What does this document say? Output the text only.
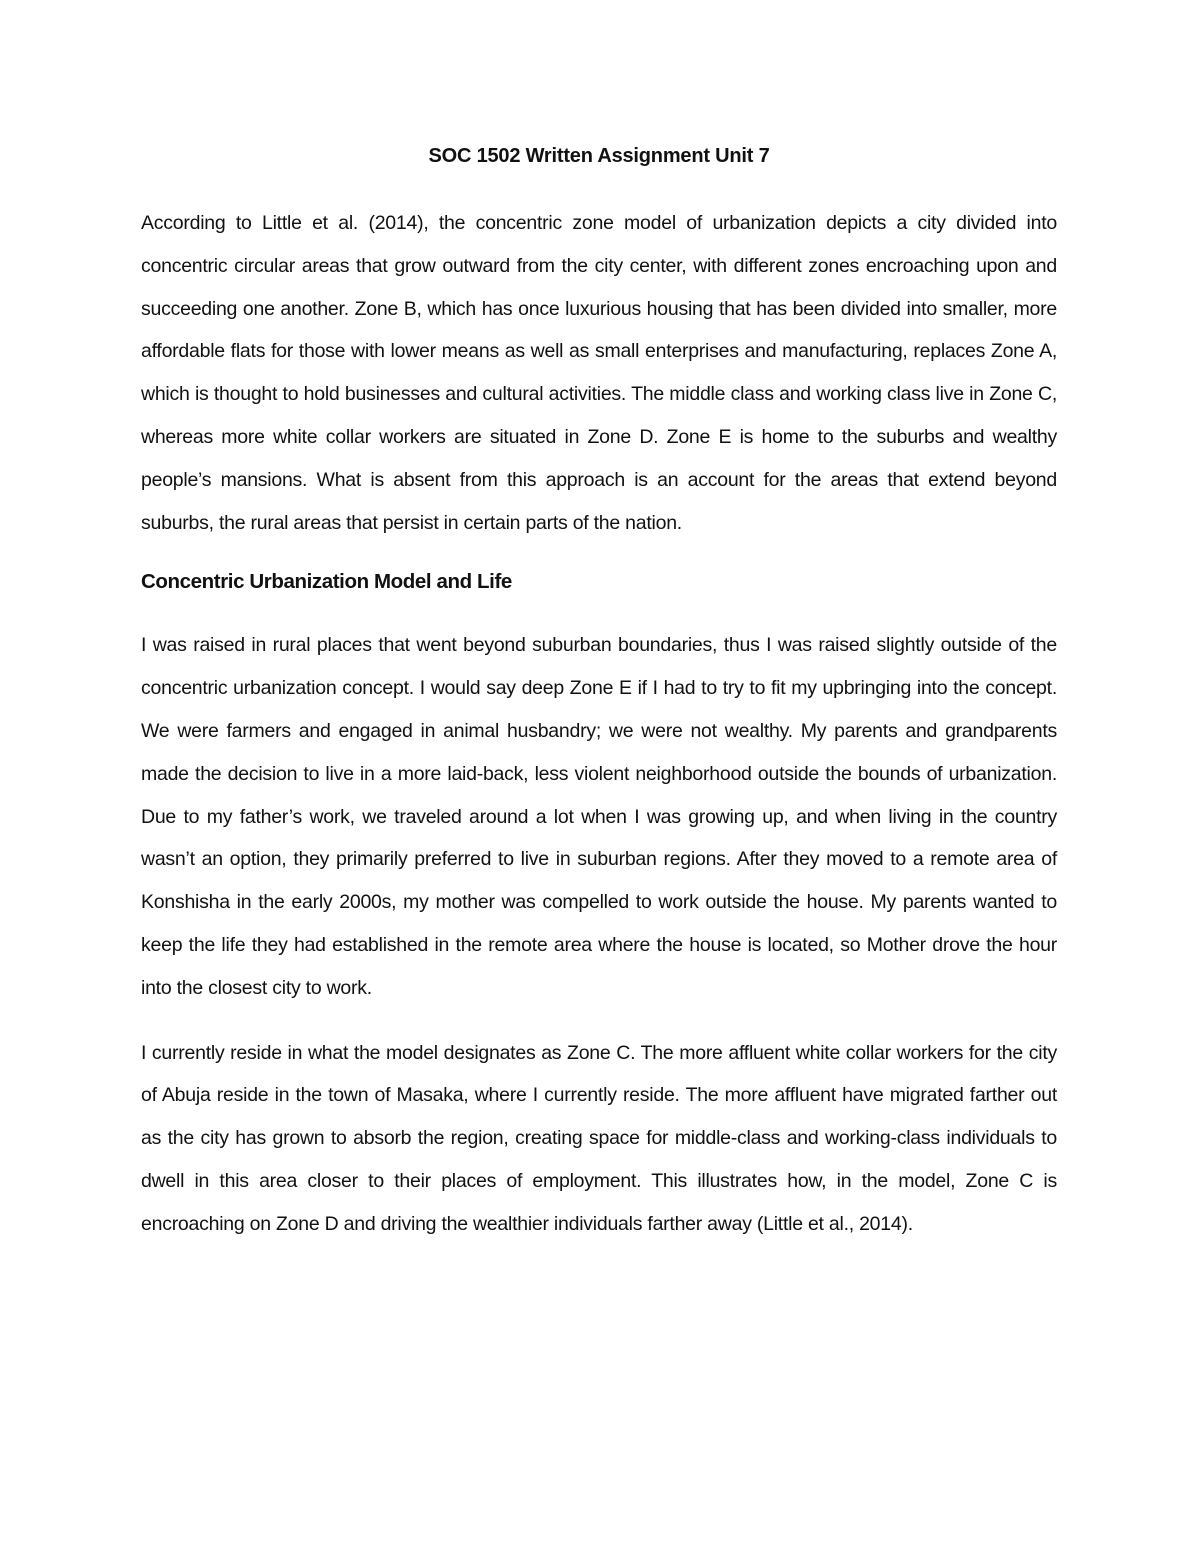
SOC 1502 Written Assignment Unit 7

According to Little et al. (2014), the concentric zone model of urbanization depicts a city divided into concentric circular areas that grow outward from the city center, with different zones encroaching upon and succeeding one another. Zone B, which has once luxurious housing that has been divided into smaller, more affordable flats for those with lower means as well as small enterprises and manufacturing, replaces Zone A, which is thought to hold businesses and cultural activities. The middle class and working class live in Zone C, whereas more white collar workers are situated in Zone D. Zone E is home to the suburbs and wealthy people’s mansions. What is absent from this approach is an account for the areas that extend beyond suburbs, the rural areas that persist in certain parts of the nation.

Concentric Urbanization Model and Life

I was raised in rural places that went beyond suburban boundaries, thus I was raised slightly outside of the concentric urbanization concept. I would say deep Zone E if I had to try to fit my upbringing into the concept. We were farmers and engaged in animal husbandry; we were not wealthy. My parents and grandparents made the decision to live in a more laid-back, less violent neighborhood outside the bounds of urbanization. Due to my father’s work, we traveled around a lot when I was growing up, and when living in the country wasn’t an option, they primarily preferred to live in suburban regions. After they moved to a remote area of Konshisha in the early 2000s, my mother was compelled to work outside the house. My parents wanted to keep the life they had established in the remote area where the house is located, so Mother drove the hour into the closest city to work.

I currently reside in what the model designates as Zone C. The more affluent white collar workers for the city of Abuja reside in the town of Masaka, where I currently reside. The more affluent have migrated farther out as the city has grown to absorb the region, creating space for middle-class and working-class individuals to dwell in this area closer to their places of employment. This illustrates how, in the model, Zone C is encroaching on Zone D and driving the wealthier individuals farther away (Little et al., 2014).
